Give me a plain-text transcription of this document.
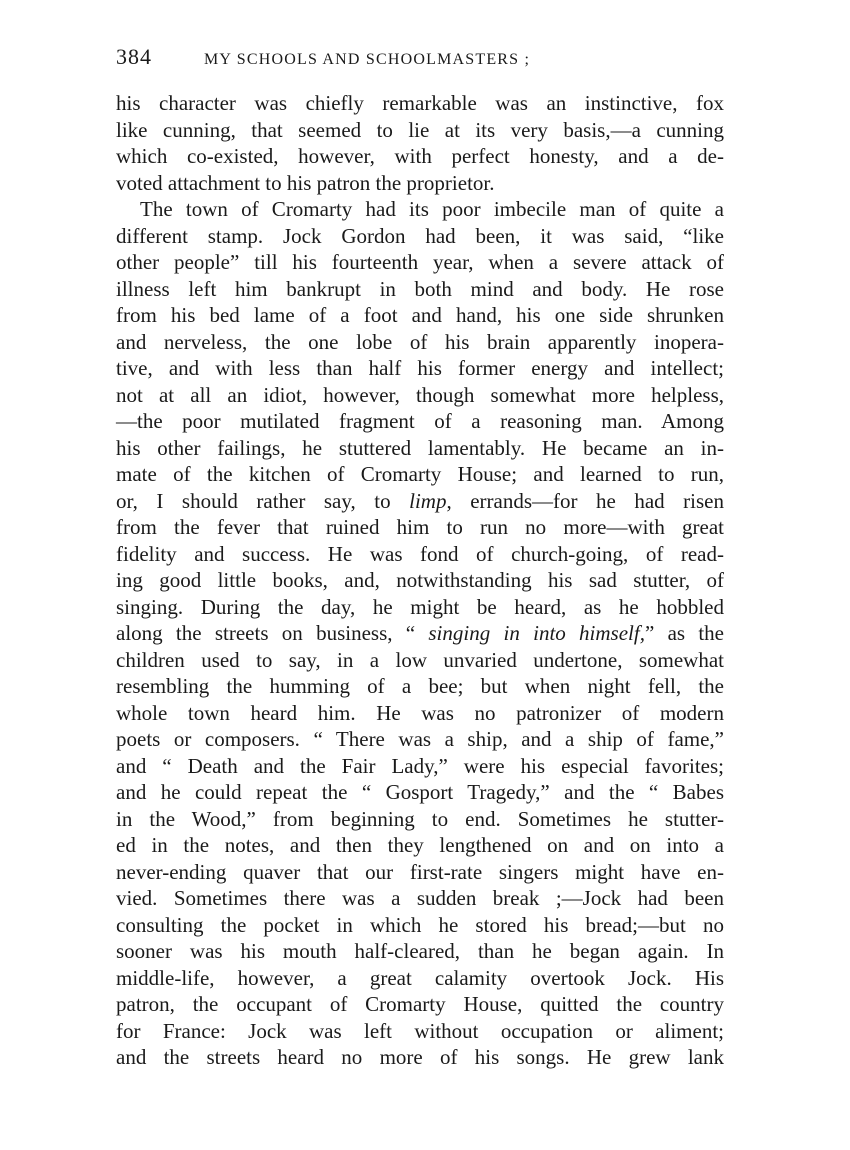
384	MY SCHOOLS AND SCHOOLMASTERS ;
his character was chiefly remarkable was an instinctive, fox
like cunning, that seemed to lie at its very basis,—a cunning
which co-existed, however, with perfect honesty, and a de-
voted attachment to his patron the proprietor.
The town of Cromarty had its poor imbecile man of quite a
different stamp. Jock Gordon had been, it was said, “like
other people” till his fourteenth year, when a severe attack of
illness left him bankrupt in both mind and body. He rose
from his bed lame of a foot and hand, his one side shrunken
and nerveless, the one lobe of his brain apparently inopera-
tive, and with less than half his former energy and intellect;
not at all an idiot, however, though somewhat more helpless,
—the poor mutilated fragment of a reasoning man. Among
his other failings, he stuttered lamentably. He became an in-
mate of the kitchen of Cromarty House; and learned to run,
or, I should rather say, to limp, errands—for he had risen
from the fever that ruined him to run no more—with great
fidelity and success. He was fond of church-going, of read-
ing good little books, and, notwithstanding his sad stutter, of
singing. During the day, he might be heard, as he hobbled
along the streets on business, “ singing in into himself,” as the
children used to say, in a low unvaried undertone, somewhat
resembling the humming of a bee; but when night fell, the
whole town heard him. He was no patronizer of modern
poets or composers. “ There was a ship, and a ship of fame,”
and “ Death and the Fair Lady,” were his especial favorites;
and he could repeat the “ Gosport Tragedy,” and the “ Babes
in the Wood,” from beginning to end. Sometimes he stutter-
ed in the notes, and then they lengthened on and on into a
never-ending quaver that our first-rate singers might have en-
vied. Sometimes there was a sudden break ;—Jock had been
consulting the pocket in which he stored his bread;—but no
sooner was his mouth half-cleared, than he began again. In
middle-life, however, a great calamity overtook Jock. His
patron, the occupant of Cromarty House, quitted the country
for France: Jock was left without occupation or aliment;
and the streets heard no more of his songs. He grew lank
